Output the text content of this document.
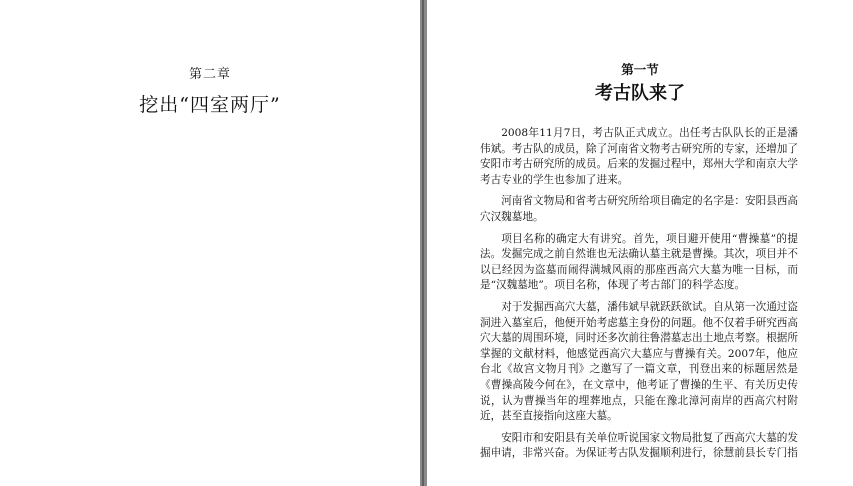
第二章
挖出“四室两厅”
第一节
考古队来了

2008年11月7日，考古队正式成立。出任考古队队长的正是潘伟斌。考古队的成员，除了河南省文物考古研究所的专家，还增加了安阳市考古研究所的成员。后来的发掘过程中，郑州大学和南京大学考古专业的学生也参加了进来。

河南省文物局和省考古研究所给项目确定的名字是：安阳县西高穴汉魏墓地。

项目名称的确定大有讲究。首先，项目避开使用“曹操墓”的提法。发掘完成之前自然谁也无法确认墓主就是曹操。其次，项目并不以已经因为盗墓而闹得满城风雨的那座西高穴大墓为唯一目标，而是“汉魏墓地”。项目名称，体现了考古部门的科学态度。

对于发掘西高穴大墓，潘伟斌早就跃跃欲试。自从第一次通过盗洞进入墓室后，他便开始考虑墓主身份的问题。他不仅着手研究西高穴大墓的周围环境，同时还多次前往鲁潜墓志出土地点考察。根据所掌握的文献材料，他感觉西高穴大墓应与曹操有关。2007年，他应台北《故宫文物月刊》之邀写了一篇文章，刊登出来的标题居然是《曹操高陵今何在》，在文章中，他考证了曹操的生平、有关历史传说，认为曹操当年的埋葬地点，只能在豫北漳河南岸的西高穴村附近，甚至直接指向这座大墓。

安阳市和安阳县有关单位听说国家文物局批复了西高穴大墓的发掘申请，非常兴奋。为保证考古队发掘顺利进行，徐慧前县长专门指
